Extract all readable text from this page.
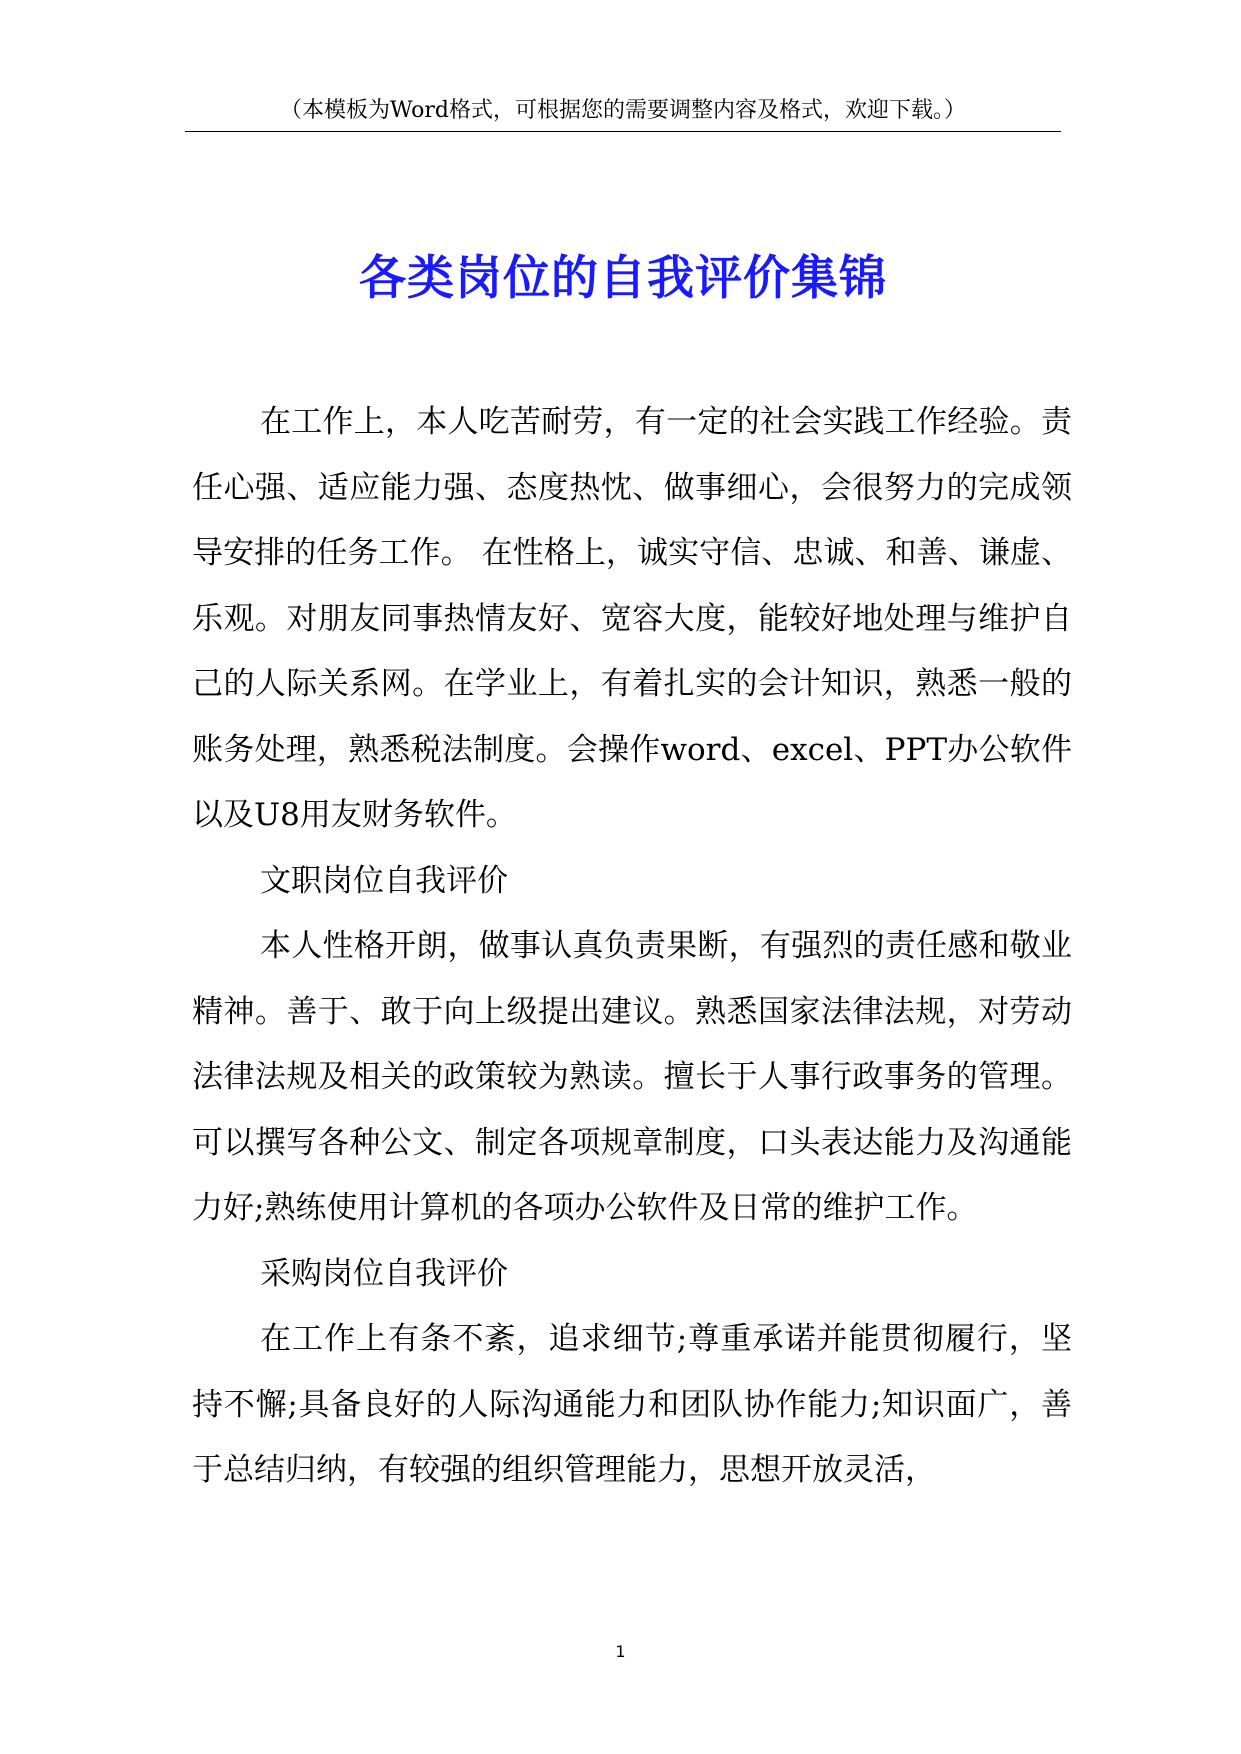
（本模板为Word格式，可根据您的需要调整内容及格式，欢迎下载。）
各类岗位的自我评价集锦

在工作上，本人吃苦耐劳，有一定的社会实践工作经验。责任心强、适应能力强、态度热忱、做事细心，会很努力的完成领导安排的任务工作。 在性格上，诚实守信、忠诚、和善、谦虚、乐观。对朋友同事热情友好、宽容大度，能较好地处理与维护自己的人际关系网。在学业上，有着扎实的会计知识，熟悉一般的账务处理，熟悉税法制度。会操作word、excel、PPT办公软件以及U8用友财务软件。

文职岗位自我评价

本人性格开朗，做事认真负责果断，有强烈的责任感和敬业精神。善于、敢于向上级提出建议。熟悉国家法律法规，对劳动法律法规及相关的政策较为熟读。擅长于人事行政事务的管理。可以撰写各种公文、制定各项规章制度，口头表达能力及沟通能力好;熟练使用计算机的各项办公软件及日常的维护工作。

采购岗位自我评价

在工作上有条不紊，追求细节;尊重承诺并能贯彻履行，坚持不懈;具备良好的人际沟通能力和团队协作能力;知识面广，善于总结归纳，有较强的组织管理能力，思想开放灵活，

1
